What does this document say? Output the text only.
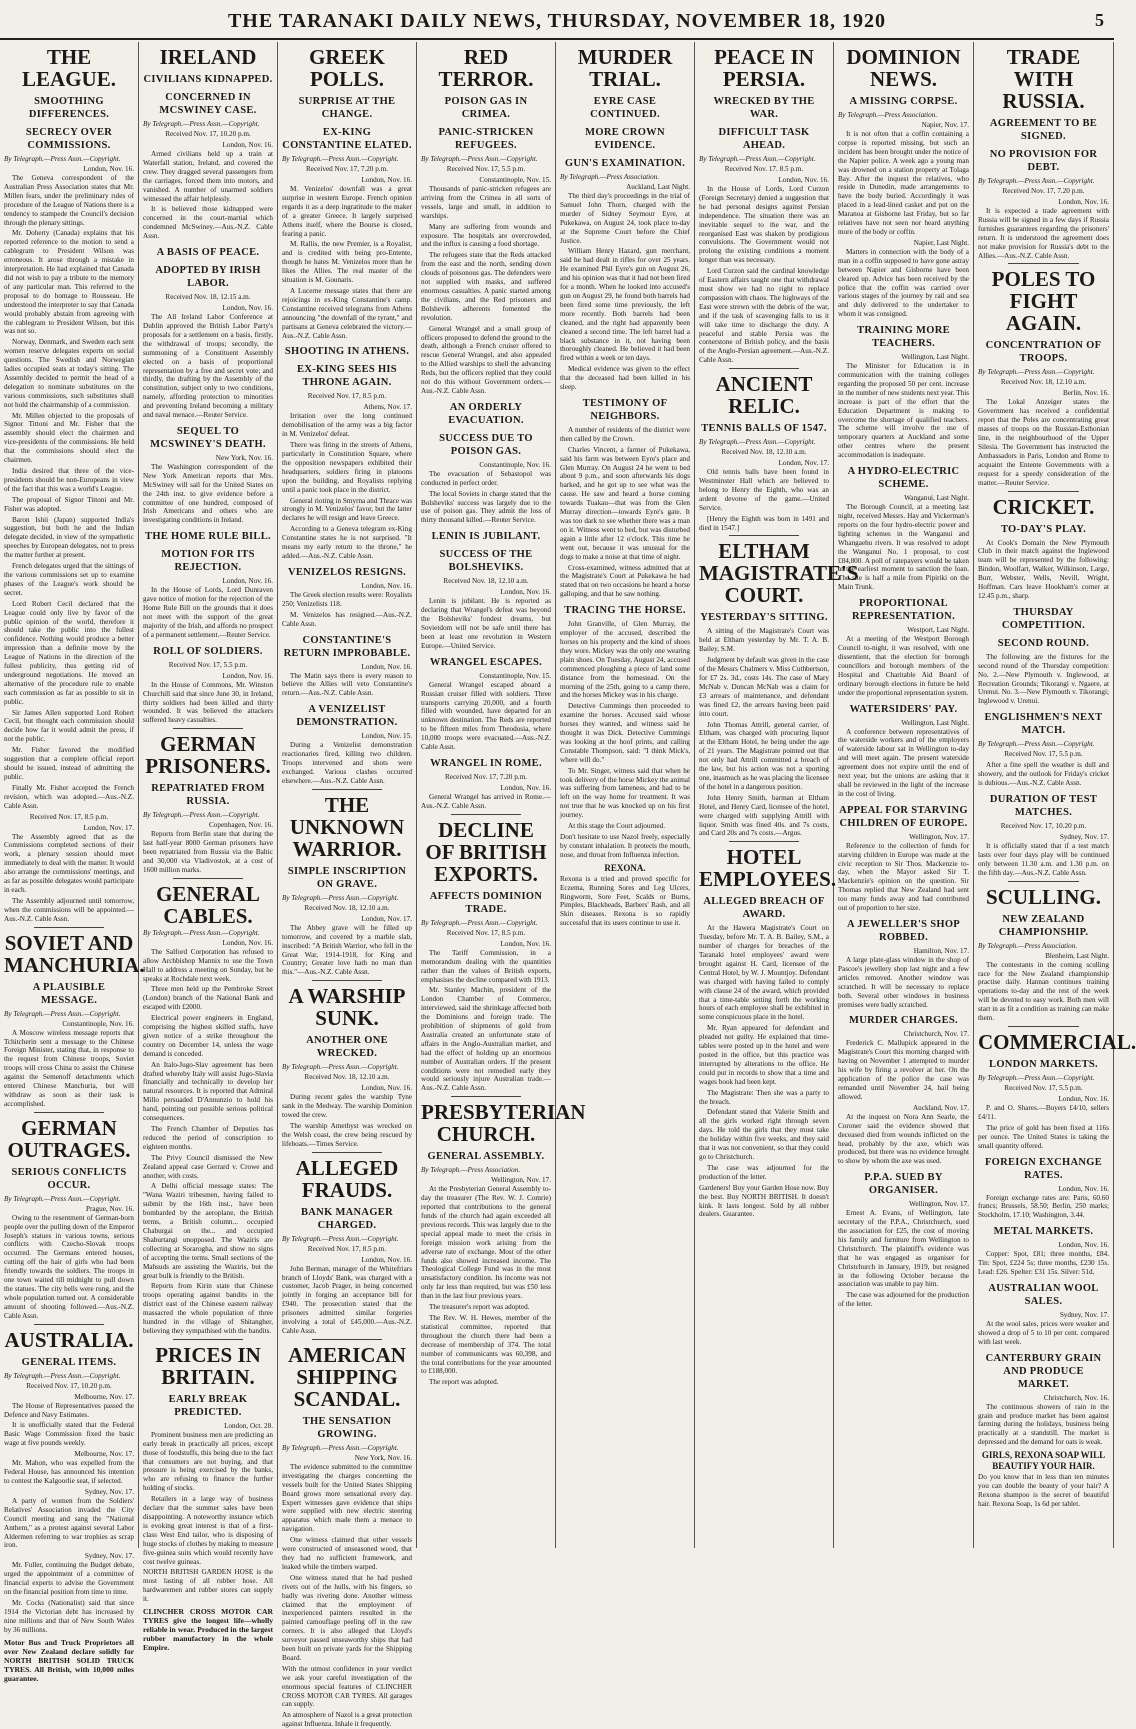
THE TARANAKI DAILY NEWS, THURSDAY, NOVEMBER 18, 1920	5
THE LEAGUE.
SMOOTHING DIFFERENCES.
SECRECY OVER COMMISSIONS.

By Telegraph.—Press Assn.—Copyright.

London, Nov. 16.

The Geneva correspondent of the Australian Press Association states that Mr. Millen fears, under the preliminary rules of procedure of the League of Nations there is a tendency to stampede the Council's decision through the plenary sittings.

Mr. Doherty (Canada) explains that his reported reference to the motion to send a cablegram to President Wilson was erroneous. It arose through a mistake in interpretation. He had explained that Canada did not wish to pay a tribute to the memory of any particular man. This referred to the proposal to do homage to Rousseau. He understood the interpreter to say that Canada would probably abstain from agreeing with the cablegram to President Wilson, but this was not so.

Norway, Denmark, and Sweden each sent women reserve delegates experts on social questions. The Swedish and Norwegian ladies occupied seats at today's sitting. The Assembly decided to permit the head of a delegation to nominate substitutes on the various commissions, such substitutes shall not hold the chairmanship of a commission.

Mr. Millen objected to the proposals of Signor Tittoni and Mr. Fisher that the assembly should elect the chairmen and vice-presidents of the commissions. He held that the commissions should elect the chairmen.

India desired that three of the vice-presidents should be non-Europeans in view of the fact that this was a world's League.

The proposal of Signor Tittoni and Mr. Fisher was adopted.

Baron Ishii (Japan) supported India's suggestion, but both he and the Indian delegate decided, in view of the sympathetic speeches by European delegates, not to press the matter further at present.

French delegates urged that the sittings of the various commissions set up to examine phases of the League's work should be secret.

Lord Robert Cecil declared that the League could only live by favor of the public opinion of the world, therefore it should take the public into the fullest confidence. Nothing would produce a better impression than a definite move by the League of Nations in the direction of the fullest publicity, thus getting rid of underground negotiations. He moved an alternative of the procedure rule to enable each commission as far as possible to sit in public.

Sir James Allen supported Lord Robert Cecil, but thought each commission should decide how far it would admit the press, if not the public.

Mr. Fisher favored the modified suggestion that a complete official report should be issued, instead of admitting the public.

Finally Mr. Fisher accepted the French revision, which was adopted.—Aus.-N.Z. Cable Assn.

Received Nov. 17, 8.5 p.m.

London, Nov. 17.

The Assembly agreed that as the Commissions completed sections of their work, a plenary session should meet immediately to deal with the matter. It would also arrange the commissions' meetings, and as far as possible delegates would participate in each.

The Assembly adjourned until tomorrow, when the commissions will be appointed.—Aus.-N.Z. Cable Assn.

SOVIET AND MANCHURIA.
A PLAUSIBLE MESSAGE.

By Telegraph.—Press Assn.—Copyright.

Constantinople, Nov. 16.

A Moscow wireless message reports that Tchitcherin sent a message to the Chinese Foreign Minister, stating that, in response to the request from Chinese troops, Soviet troops will cross China to assist the Chinese against the Semenoff detachments which entered Chinese Manchuria, but will withdraw as soon as their task is accomplished.

GERMAN OUTRAGES.
SERIOUS CONFLICTS OCCUR.

By Telegraph.—Press Assn.—Copyright.

Prague, Nov. 16.

Owing to the resentment of German-born people over the pulling down of the Emperor Joseph's statues in various towns, serious conflicts with Czecho-Slovak troops occurred. The Germans entered houses, cutting off the hair of girls who had been friendly towards the soldiers. The troops in one town waited till midnight to pull down the statues. The city bells were rung, and the whole population turned out. A considerable amount of shooting followed.—Aus.-N.Z. Cable Assn.

AUSTRALIA.
GENERAL ITEMS.

By Telegraph.—Press Assn.—Copyright.

Received Nov. 17, 10.20 p.m.

Melbourne, Nov. 17.

The House of Representatives passed the Defence and Navy Estimates.

It is unofficially stated that the Federal Basic Wage Commission fixed the basic wage at five pounds weekly.

Melbourne, Nov. 17.

Mr. Mahon, who was expelled from the Federal House, has announced his intention to contest the Kalgoorlie seat, if selected.

Sydney, Nov. 17.

A party of women from the Soldiers' Relatives' Association invaded the City Council meeting and sang the "National Anthem," as a protest against several Labor Aldermen referring to war trophies as scrap iron.

Sydney, Nov. 17.

Mr. Fuller, continuing the Budget debate, urged the appointment of a committee of financial experts to advise the Government on the financial position from time to time.

Mr. Cocks (Nationalist) said that since 1914 the Victorian debt has increased by nine millions and that of New South Wales by 36 millions.

Motor Bus and Truck Proprietors all over New Zealand declare solidly for NORTH BRITISH SOLID TRUCK TYRES. All British, with 10,000 miles guarantee.

IRELAND
CIVILIANS KIDNAPPED.
CONCERNED IN MCSWINEY CASE.

By Telegraph.—Press Assn.—Copyright.

Received Nov. 17, 10.20 p.m.

London, Nov. 16.

Armed civilians held up a train at Waterfall station, Ireland, and covered the crew. They dragged several passengers from the carriages, forced them into motors, and vanished. A number of unarmed soldiers witnessed the affair helplessly.

It is believed those kidnapped were concerned in the court-martial which condemned McSwiney.—Aus.-N.Z. Cable Assn.

A BASIS OF PEACE.
ADOPTED BY IRISH LABOR.

Received Nov. 18, 12.15 a.m.

London, Nov. 16.

The All Ireland Labor Conference at Dublin approved the British Labor Party's proposals for a settlement on a basis, firstly, the withdrawal of troops; secondly, the summoning of a Constituent Assembly elected on a basis of proportional representation by a free and secret vote; and thirdly, the drafting by the Assembly of the constitution, subject only to two conditions, namely, affording protection to minorities and preventing Ireland becoming a military and naval menace.—Reuter Service.

SEQUEL TO MCSWINEY'S DEATH.

New York, Nov. 16.

The Washington correspondent of the New York American reports that Mrs. McSwiney will sail for the United States on the 24th inst. to give evidence before a committee of one hundred, composed of Irish Americans and others who are investigating conditions in Ireland.

THE HOME RULE BILL.
MOTION FOR ITS REJECTION.

London, Nov. 16.

In the House of Lords, Lord Dunraven gave notice of motion for the rejection of the Home Rule Bill on the grounds that it does not meet with the support of the great majority of the Irish, and affords no prospect of a permanent settlement.—Reuter Service.

ROLL OF SOLDIERS.

Received Nov. 17, 5.5 p.m.

London, Nov. 16.

In the House of Commons, Mr. Winston Churchill said that since June 30, in Ireland, thirty soldiers had been killed and thirty wounded. It was believed the attackers suffered heavy casualties.

GERMAN PRISONERS.
REPATRIATED FROM RUSSIA.

By Telegraph.—Press Assn.—Copyright.

Copenhagen, Nov. 16.

Reports from Berlin state that during the last half-year 8000 German prisoners have been repatriated from Russia via the Baltic and 30,000 via Vladivostok, at a cost of 1600 million marks.

GENERAL CABLES.

By Telegraph.—Press Assn.—Copyright.

London, Nov. 16.

The Salford Corporation has refused to allow Archbishop Mannix to use the Town Hall to address a meeting on Sunday, but he speaks at Rochdale next week.

Three men held up the Pembroke Street (London) branch of the National Bank and escaped with £2000.

Electrical power engineers in England, comprising the highest skilled staffs, have given notice of a strike throughout the country on December 14, unless the wage demand is conceded.

An Italo-Jugo-Slav agreement has been drafted whereby Italy will assist Jugo-Slavia financially and technically to develop her natural resources. It is reported that Admiral Millo persuaded D'Annunzio to hold his hand, pointing out possible serious political consequences.

The French Chamber of Deputies has reduced the period of conscription to eighteen months.

The Privy Council dismissed the New Zealand appeal case Gerrard v. Crowe and another, with costs.

A Delhi official message states: The "Wana Waziri tribesmen, having failed to submit by the 16th inst., have been bombarded by the aeroplane, the British terms, a British column... occupied Chaburgai on the... and occupied Shaburtangi unopposed. The Waziris are collecting at Sorarogha, and show no signs of accepting the terms. Small sections of the Mahsuds are assisting the Waziris, but the great bulk is friendly to the British.

Reports from Kirin state that Chinese troops operating against bandits in the district east of the Chinese eastern railway massacred the whole population of three hundred in the village of Shitangher, believing they sympathised with the bandits.

PRICES IN BRITAIN.
EARLY BREAK PREDICTED.

London, Oct. 28.

Prominent business men are predicting an early break in practically all prices, except those of foodstuffs, this being due to the fact that consumers are not buying, and that pressure is being exercised by the banks, who are refusing to finance the further holding of stocks.

Retailers in a large way of business declare that the summer sales have been disappointing. A noteworthy instance which is evoking great interest is that of a first-class West End tailor, who is disposing of huge stocks of clothes by making to measure five-guinea suits which would recently have cost twelve guineas.

NORTH BRITISH GARDEN HOSE is the most lasting of all rubber hose. All hardwaremen and rubber stores can supply it.

CLINCHER CROSS MOTOR CAR TYRES give the longest life—wholly reliable in wear. Produced in the largest rubber manufactory in the whole Empire.

GREEK POLLS.
SURPRISE AT THE CHANGE.
EX-KING CONSTANTINE ELATED.

By Telegraph.—Press Assn.—Copyright.

Received Nov. 17, 7.20 p.m.

London, Nov. 16.

M. Venizelos' downfall was a great surprise in western Europe. French opinion regards it as a deep ingratitude to the maker of a greater Greece. It largely surprised Athens itself, where the Bourse is closed, fearing a panic.

M. Rallis, the new Premier, is a Royalist, and is credited with being pro-Entente, though he hates M. Venizelos more than he likes the Allies. The real master of the situation is M. Gounaris.

A Lucerne message states that there are rejoicings in ex-King Constantine's camp. Constantine received telegrams from Athens announcing "the downfall of the tyrant," and partisans at Geneva celebrated the victory.—Aus.-N.Z. Cable Assn.

SHOOTING IN ATHENS.
EX-KING SEES HIS THRONE AGAIN.

Received Nov. 17, 8.5 p.m.

Athens, Nov. 17.

Irritation over the long continued demobilisation of the army was a big factor in M. Venizelos' defeat.

There was firing in the streets of Athens, particularly in Constitution Square, where the opposition newspapers exhibited their headquarters, soldiers firing in platoons upon the building, and Royalists replying until a panic took place in the district.

General rioting in Smyrna and Thrace was strongly in M. Venizelos' favor, but the latter declares he will resign and leave Greece.

According to a Geneva telegram ex-King Constantine states he is not surprised. "It means my early return to the throne," he added.—Aus.-N.Z. Cable Assn.

VENIZELOS RESIGNS.

London, Nov. 16.

The Greek election results were: Royalists 250; Venizelists 118.

M. Venizelos has resigned.—Aus.-N.Z. Cable Assn.

CONSTANTINE'S RETURN IMPROBABLE.

London, Nov. 16.

The Matin says there is every reason to believe the Allies will veto Constantine's return.—Aus.-N.Z. Cable Assn.

A VENIZELIST DEMONSTRATION.

London, Nov. 15.

During a Venizelist demonstration reactionaries fired, killing two children. Troops intervened and shots were exchanged. Various clashes occurred elsewhere.—Aus.-N.Z. Cable Assn.

THE UNKNOWN WARRIOR.
SIMPLE INSCRIPTION ON GRAVE.

By Telegraph.—Press Assn.—Copyright.

Received Nov. 18, 12.10 a.m.

London, Nov. 17.

The Abbey grave will be filled up tomorrow, and covered by a marble slab, inscribed: "A British Warrior, who fell in the Great War, 1914-1918, for King and Country; Greater love hath no man than this."—Aus.-N.Z. Cable Assn.

A WARSHIP SUNK.
ANOTHER ONE WRECKED.

By Telegraph.—Press Assn.—Copyright.

Received Nov. 18, 12.10 a.m.

London, Nov. 16.

During recent gales the warship Tyne sank in the Medway. The warship Dominion towed the crew.

The warship Amethyst was wrecked on the Welsh coast, the crew being rescued by lifeboats.—Times Service.

ALLEGED FRAUDS.
BANK MANAGER CHARGED.

By Telegraph.—Press Assn.—Copyright.

Received Nov. 17, 8.5 p.m.

London, Nov. 16.

John Berman, manager of the Whitefriars branch of Lloyds' Bank, was charged with a customer, Jacob Prager, in being concerned jointly in forging an acceptance bill for £940. The prosecution stated that the prisoners admitted similar forgeries involving a total of £45,000.—Aus.-N.Z. Cable Assn.

AMERICAN SHIPPING SCANDAL.
THE SENSATION GROWING.

By Telegraph.—Press Assn.—Copyright.

New York, Nov. 16.

The evidence submitted to the committee investigating the charges concerning the vessels built for the United States Shipping Board grows more sensational every day. Expert witnesses gave evidence that ships were supplied with new electric steering apparatus which made them a menace to navigation.

One witness claimed that other vessels were constructed of unseasoned wood, that they had no sufficient framework, and leaked while the timbers warped.

One witness stated that he had pushed rivets out of the hulls, with his fingers, so badly was riveting done. Another witness claimed that the employment of inexperienced painters resulted in the painted camouflage peeling off in the raw corners. It is also alleged that Lloyd's surveyor passed unseaworthy ships that had been built on private yards for the Shipping Board.

With the utmost confidence in your verdict we ask your careful investigation of the enormous special features of CLINCHER CROSS MOTOR CAR TYRES. All garages can supply.

An atmosphere of Nazol is a great protection against Influenza. Inhale it frequently.

RED TERROR.
POISON GAS IN CRIMEA.
PANIC-STRICKEN REFUGEES.

By Telegraph.—Press Assn.—Copyright.

Received Nov. 17, 5.5 p.m.

Constantinople, Nov. 15.

Thousands of panic-stricken refugees are arriving from the Crimea in all sorts of vessels, large and small, in addition to warships.

Many are suffering from wounds and exposure. The hospitals are overcrowded, and the influx is causing a food shortage.

The refugees state that the Reds attacked from the east and the north, sending down clouds of poisonous gas. The defenders were not supplied with masks, and suffered enormous casualties. A panic started among the civilians, and the Red prisoners and Bolshevik adherents fomented the revolution.

General Wrangel and a small group of officers proposed to defend the ground to the death, although a French cruiser offered to rescue General Wrangel, and also appealed to the Allied warships to shell the advancing Reds, but the officers replied that they could not do this without Government orders.—Aus.-N.Z. Cable Assn.

AN ORDERLY EVACUATION.
SUCCESS DUE TO POISON GAS.

Constantinople, Nov. 16.

The evacuation of Sebastopol was conducted in perfect order.

The local Soviets in charge stated that the Bolsheviks' success was largely due to the use of poison gas. They admit the loss of thirty thousand killed.—Reuter Service.

LENIN IS JUBILANT.
SUCCESS OF THE BOLSHEVIKS.

Received Nov. 18, 12.10 a.m.

London, Nov. 16.

Lenin is jubilant. He is reported as declaring that Wrangel's defeat was beyond the Bolsheviks' fondest dreams, but Sovietdom will not be safe until there has been at least one revolution in Western Europe.—United Service.

WRANGEL ESCAPES.

Constantinople, Nov. 15.

General Wrangel escaped aboard a Russian cruiser filled with soldiers. Three transports carrying 20,000, and a fourth filled with wounded, have departed for an unknown destination. The Reds are reported to be fifteen miles from Theodosia, where 10,000 troops were evacuated.—Aus.-N.Z. Cable Assn.

WRANGEL IN ROME.

Received Nov. 17, 7.20 p.m.

London, Nov. 16.

General Wrangel has arrived in Rome.—Aus.-N.Z. Cable Assn.

DECLINE OF BRITISH EXPORTS.
AFFECTS DOMINION TRADE.

By Telegraph.—Press Assn.—Copyright.

Received Nov. 17, 8.5 p.m.

London, Nov. 16.

The Tariff Commission, in a memorandum dealing with the quantities rather than the values of British exports, emphasises the decline compared with 1913.

Mr. Stanley Machin, president of the London Chamber of Commerce, interviewed, said the shrinkage affected both the Dominions and foreign trade. The prohibition of shipments of gold from Australia created an unfortunate state of affairs in the Anglo-Australian market, and had the effect of holding up an enormous number of Australian orders. If the present conditions were not remedied early they would seriously injure Australian trade.—Aus.-N.Z. Cable Assn.

PRESBYTERIAN CHURCH.
GENERAL ASSEMBLY.

By Telegraph.—Press Association.

Wellington, Nov. 17.

At the Presbyterian General Assembly to-day the treasurer (The Rev. W. J. Comrie) reported that contributions to the general funds of the church had again exceeded all previous records. This was largely due to the special appeal made to meet the crisis in foreign mission work arising from the adverse rate of exchange. Most of the other funds also showed increased income. The Theological College Fund was in the most unsatisfactory condition. Its income was not only far less than required, but was £50 less than in the last four previous years.

The treasurer's report was adopted.

The Rev. W. H. Hewes, member of the statistical committee, reported that throughout the church there had been a decrease of membership of 374. The total number of communicants was 60,398, and the total contributions for the year amounted to £188,000.

The report was adopted.

MURDER TRIAL.
EYRE CASE CONTINUED.
MORE CROWN EVIDENCE.
GUN'S EXAMINATION.

By Telegraph.—Press Association.

Auckland, Last Night.

The third day's proceedings in the trial of Samuel John Thorn, charged with the murder of Sidney Seymour Eyre, at Pukekawa, on August 24, took place to-day at the Supreme Court before the Chief Justice.

William Henry Hazard, gun merchant, said he had dealt in rifles for over 25 years. He examined Phil Eyre's gun on August 26, and his opinion was that it had not been fired for a month. When he looked into accused's gun on August 29, he found both barrels had been fired some time previously, the left more recently. Both barrels had been cleaned, and the right had apparently been cleaned a second time. The left barrel had a black substance in it, not having been thoroughly cleaned. He believed it had been fired within a week or ten days.

Medical evidence was given to the effect that the deceased had been killed in his sleep.

TESTIMONY OF NEIGHBORS.

A number of residents of the district were then called by the Crown.

Charles Vincent, a farmer of Pukekawa, said his farm was between Eyre's place and Glen Murray. On August 24 he went to bed about 9 p.m., and soon afterwards his dogs barked, and he got up to see what was the cause. He saw and heard a horse coming towards Tuakau—that was from the Glen Murray direction—towards Eyre's gate. It was too dark to see whether there was a man on it. Witness went to bed, but was disturbed again a little after 12 o'clock. This time he went out, because it was unusual for the dogs to make a noise at that time of night.

Cross-examined, witness admitted that at the Magistrate's Court at Pukekawa he had stated that on two occasions he heard a horse galloping, and that he saw nothing.

TRACING THE HORSE.

John Granville, of Glen Murray, the employer of the accused, described the horses on his property and the kind of shoes they wore. Mickey was the only one wearing plain shoes. On Tuesday, August 24, accused commenced ploughing a piece of land some distance from the homestead. On the morning of the 25th, going to a camp there, and the horses Mickey was in his charge.

Detective Cummings then proceeded to examine the horses. Accused said whose horses they wanted, and witness said he thought it was Dick. Detective Cummings was looking at the hoof prints, and calling Constable Thompson, said: "I think Mick's, where will do."

To Mr. Singer, witness said that when he took delivery of the horse Mickey the animal was suffering from lameness, and had to be left on the way home for treatment. It was not true that he was knocked up on his first journey.

At this stage the Court adjourned.

Don't hesitate to use Nazol freely, especially by constant inhalation. It protects the mouth, nose, and throat from Influenza infection.

REXONA.

Rexona is a tried and proved specific for Eczema, Running Sores and Leg Ulcers, Ringworm, Sore Feet, Scalds or Burns, Pimples, Blackheads, Barbers' Rash, and all Skin diseases. Rexona is so rapidly successful that its users continue to use it.

PEACE IN PERSIA.
WRECKED BY THE WAR.
DIFFICULT TASK AHEAD.

By Telegraph.—Press Assn.—Copyright.

Received Nov. 17. 8.5 p.m.

London, Nov. 16.

In the House of Lords, Lord Curzon (Foreign Secretary) denied a suggestion that he had personal designs against Persian independence. The situation there was an inevitable sequel to the war, and the reorganised East was shaken by prodigious convulsions. The Government would not prolong the existing conditions a moment longer than was necessary.

Lord Curzon said the cardinal knowledge of Eastern affairs taught one that withdrawal must show we had no right to replace compassion with chaos. The highways of the East were strewn with the debris of the war, and if the task of scavenging falls to us it will take time to discharge the duty. A peaceful and stable Persia was the cornerstone of British policy, and the basis of the Anglo-Persian agreement.—Aus.-N.Z. Cable Assn.

ANCIENT RELIC.
TENNIS BALLS OF 1547.

By Telegraph.—Press Assn.—Copyright.

Received Nov. 18, 12.10 a.m.

London, Nov. 17.

Old tennis balls have been found in Westminster Hall which are believed to belong to Henry the Eighth, who was an ardent devotee of the game.—United Service.

[Henry the Eighth was born in 1491 and died in 1547.]

ELTHAM MAGISTRATE'S COURT.
YESTERDAY'S SITTING.

A sitting of the Magistrate's Court was held at Eltham yesterday by Mr. T. A. B. Bailey, S.M.

Judgment by default was given in the case of the Messrs Chalmers v. Miss Cuthbertson, for £7 2s. 3d., costs 14s. The case of Mary McNab v. Duncan McNab was a claim for £3 arrears of maintenance, and defendant was fined £2, the arrears having been paid into court.

John Thomas Attrill, general carrier, of Eltham, was charged with procuring liquor at the Eltham Hotel, he being under the age of 21 years. The Magistrate pointed out that not only had Attrill committed a breach of the law, but his action was not a sporting one, inasmuch as he was placing the licensee of the hotel in a dangerous position.

John Henry Smith, barman at Eltham Hotel, and Henry Card, licensee of the hotel, were charged with supplying Attrill with liquor. Smith was fined 40s. and 7s costs, and Card 20s and 7s costs.—Argus.

HOTEL EMPLOYEES.
ALLEGED BREACH OF AWARD.

At the Hawera Magistrate's Court on Tuesday, before Mr. T. A. B. Bailey, S.M., a number of charges for breaches of the Taranaki hotel employees' award were brought against H. Card, licensee of the Central Hotel, by W. J. Mountjoy. Defendant was charged with having failed to comply with clause 24 of the award, which provided that a time-table setting forth the working hours of each employee shall be exhibited in some conspicuous place in the hotel.

Mr. Ryan appeared for defendant and pleaded not guilty. He explained that time-tables were posted up in the hotel and were posted in the office, but this practice was interrupted by alterations to the office. He could put in records to show that a time and wages book had been kept.

The Magistrate: Then she was a party to the breach.

Defendant stated that Valerie Smith and all the girls worked right through seven days. He told the girls that they must take the holiday within five weeks, and they said that it was not convenient, so that they could go to Christchurch.

The case was adjourned for the production of the letter.

Gardeners! Buy your Garden Hose now. Buy the best. Buy NORTH BRITISH. It doesn't kink. It lasts longest. Sold by all rubber dealers. Guarantee.

DOMINION NEWS.
A MISSING CORPSE.

By Telegraph.—Press Association.

Napier, Nov. 17.

It is not often that a coffin containing a corpse is reported missing, but such an incident has been brought under the notice of the Napier police. A week ago a young man was drowned on a station property at Tolaga Bay. After the inquest the relatives, who reside in Dunedin, made arrangements to have the body buried. Accordingly it was placed in a lead-lined casket and put on the Maranoa at Gisborne last Friday, but so far relatives have not seen nor heard anything more of the body or coffin.

Napier, Last Night.

Matters in connection with the body of a man in a coffin supposed to have gone astray between Napier and Gisborne have been cleared up. Advice has been received by the police that the coffin was carried over various stages of the journey by rail and sea and duly delivered to the undertaker to whom it was consigned.

TRAINING MORE TEACHERS.

Wellington, Last Night.

The Minister for Education is in communication with the training colleges regarding the proposed 50 per cent. increase in the number of new students next year. This increase is part of the effort that the Education Department is making to overcome the shortage of qualified teachers. The scheme will involve the use of temporary quarters at Auckland and some other centres where the present accommodation is inadequate.

A HYDRO-ELECTRIC SCHEME.

Wanganui, Last Night.

The Borough Council, at a meeting last night, received Messrs. Hay and Vickerman's reports on the four hydro-electric power and lighting schemes in the Wanganui and Whangaehu rivers. It was resolved to adopt the Wanganui No. 1 proposal, to cost £84,800. A poll of ratepayers would be taken at the earliest moment to sanction the loan. The site is half a mile from Pipiriki on the Main Trunk.

PROPORTIONAL REPRESENTATION.

Westport, Last Night.

At a meeting of the Westport Borough Council to-night, it was resolved, with one dissentient, that the election for borough councillors and borough members of the Hospital and Charitable Aid Board of ordinary borough elections in future be held under the proportional representation system.

WATERSIDERS' PAY.

Wellington, Last Night.

A conference between representatives of the waterside workers and of the employers of waterside labour sat in Wellington to-day and will meet again. The present waterside agreement does not expire until the end of next year, but the unions are asking that it shall be reviewed in the light of the increase in the cost of living.

APPEAL FOR STARVING CHILDREN OF EUROPE.

Wellington, Nov. 17.

Reference to the collection of funds for starving children in Europe was made at the civic reception to Sir Thos. Mackenzie to-day, when the Mayor asked Sir T. Mackenzie's opinion on the question. Sir Thomas replied that New Zealand had sent too many funds away and had contributed out of proportion to her size.

A JEWELLER'S SHOP ROBBED.

Hamilton, Nov. 17.

A large plate-glass window in the shop of Pascoe's jewellery shop last night and a few articles removed. Another window was scratched. It will be necessary to replace both. Several other windows in business premises were badly scratched.

MURDER CHARGES.

Christchurch, Nov. 17.

Frederick C. Mallupick appeared in the Magistrate's Court this morning charged with having on November 1 attempted to murder his wife by firing a revolver at her. On the application of the police the case was remanded until November 24, bail being allowed.

Auckland, Nov. 17.

At the inquest on Nora Ann Searle, the Coroner said the evidence showed that deceased died from wounds inflicted on the head, probably by the axe, which was produced, but there was no evidence brought to show by whom the axe was used.

P.P.A. SUED BY ORGANISER.

Wellington, Nov. 17.

Ernest A. Evans, of Wellington, late secretary of the P.P.A., Christchurch, sued the association for £25, the cost of moving his family and furniture from Wellington to Christchurch. The plaintiff's evidence was that he was engaged as organiser for Christchurch in January, 1919, but resigned in the following October because the association was unable to pay him.

The case was adjourned for the production of the letter.

TRADE WITH RUSSIA.
AGREEMENT TO BE SIGNED.
NO PROVISION FOR DEBT.

By Telegraph.—Press Assn.—Copyright.

Received Nov. 17, 7.20 p.m.

London, Nov. 16.

It is expected a trade agreement with Russia will be signed in a few days if Russia furnishes guarantees regarding the prisoners' return. It is understood the agreement does not make provision for Russia's debt to the Allies.—Aus.-N.Z. Cable Assn.

POLES TO FIGHT AGAIN.
CONCENTRATION OF TROOPS.

By Telegraph.—Press Assn.—Copyright.

Received Nov. 18, 12.10 a.m.

Berlin, Nov. 16.

The Lokal Anzeiger states the Government has received a confidential report that the Poles are concentrating great masses of troops on the Russian-Esthonian line, in the neighbourhood of the Upper Silesia. The Government has instructed the Ambassadors in Paris, London and Rome to acquaint the Entente Governments with a request for a speedy consideration of the matter.—Reuter Service.

CRICKET.
TO-DAY'S PLAY.

At Cook's Domain the New Plymouth Club in their match against the Inglewood team will be represented by the following: Bindon, Woolfart, Walker, Wilkinson, Large, Burr, Webster, Wells, Nevill, Wright, Hoffman. Cars leave Hookham's corner at 12.45 p.m., sharp.

THURSDAY COMPETITION.
SECOND ROUND.

The following are the fixtures for the second round of the Thursday competition: No. 2.—New Plymouth v. Inglewood, at Recreation Grounds; Tikorangi v. Ngaere, at Urenui. No. 3.—New Plymouth v. Tikorangi; Inglewood v. Urenui.

ENGLISHMEN'S NEXT MATCH.

By Telegraph.—Press Assn.—Copyright.

Received Nov. 17, 5.5 p.m.

After a fine spell the weather is dull and showery, and the outlook for Friday's cricket is dubious.—Aus.-N.Z. Cable Assn.

DURATION OF TEST MATCHES.

Received Nov. 17, 10.20 p.m.

Sydney, Nov. 17.

It is officially stated that if a test match lasts over four days play will be continued only between 11.30 a.m. and 1.30 p.m. on the fifth day.—Aus.-N.Z. Cable Assn.

SCULLING.
NEW ZEALAND CHAMPIONSHIP.

By Telegraph.—Press Association.

Blenheim, Last Night.

The contestants in the coming sculling race for the New Zealand championship practise daily. Hannan continues training operations to-day and the rest of the week will be devoted to easy work. Both men will start in as fit a condition as training can make them.

COMMERCIAL.
LONDON MARKETS.

By Telegraph.—Press Assn.—Copyright.

Received Nov. 17, 5.5 p.m.

London, Nov. 16.

P. and O. Shares.—Buyers £4/10, sellers £4/11.

The price of gold has been fixed at 116s per ounce. The United States is taking the small quantity offered.

FOREIGN EXCHANGE RATES.

London, Nov. 16.

Foreign exchange rates are: Paris, 60.60 francs; Brussels, 58.50; Berlin, 250 marks; Stockholm, 17.10; Washington, 3.44.

METAL MARKETS.

London, Nov. 16.

Copper: Spot, £81; three months, £84. Tin: Spot, £224 5s; three months, £230 15s. Lead: £26. Spelter: £31 15s. Silver: 51d.

AUSTRALIAN WOOL SALES.

Sydney, Nov. 17.

At the wool sales, prices were weaker and showed a drop of 5 to 10 per cent. compared with last week.

CANTERBURY GRAIN AND PRODUCE MARKET.

Christchurch, Nov. 16.

The continuous showers of rain in the grain and produce market has been against farming during the holidays, business being practically at a standstill. The market is depressed and the demand for oats is weak.

GIRLS, REXONA SOAP WILL BEAUTIFY YOUR HAIR.

Do you know that in less than ten minutes you can double the beauty of your hair? A Rexona shampoo is the secret of beautiful hair. Rexona Soap, 1s 6d per tablet.
